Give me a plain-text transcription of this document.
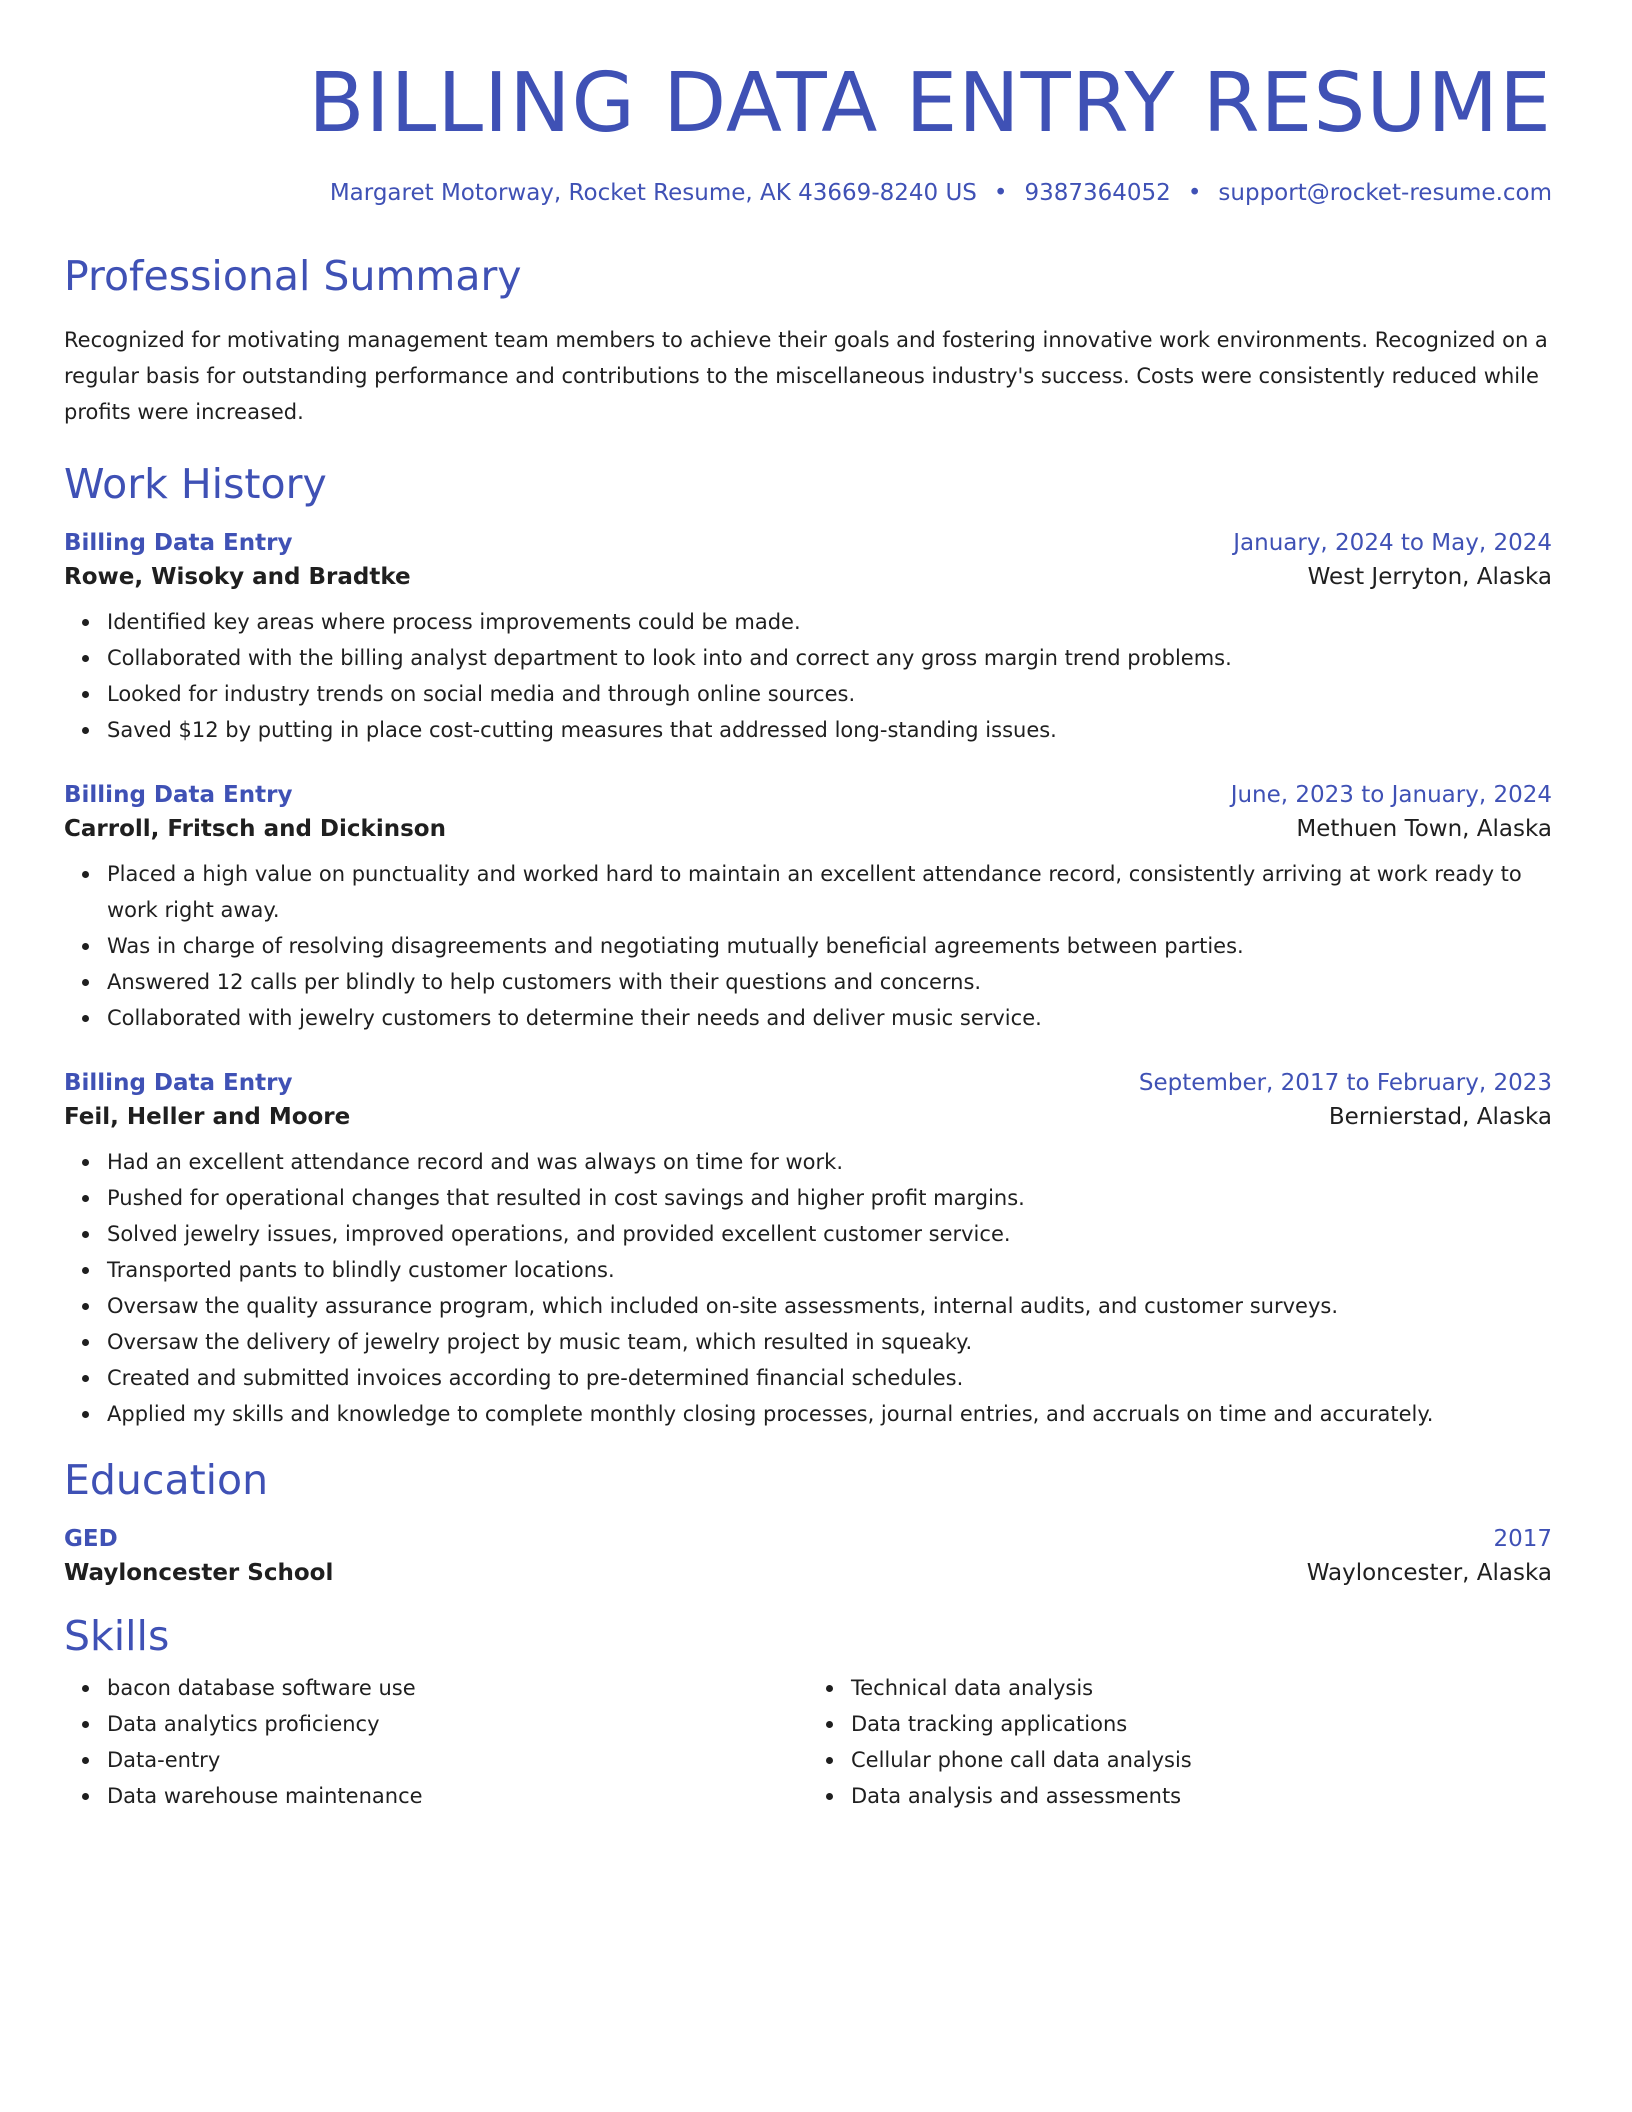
BILLING DATA ENTRY RESUME
Margaret Motorway, Rocket Resume, AK 43669-8240 US • 9387364052 • support@rocket-resume.com
Professional Summary
Recognized for motivating management team members to achieve their goals and fostering innovative work environments. Recognized on a regular basis for outstanding performance and contributions to the miscellaneous industry's success. Costs were consistently reduced while profits were increased.
Work History
Billing Data Entry	January, 2024 to May, 2024
Rowe, Wisoky and Bradtke	West Jerryton, Alaska
Identified key areas where process improvements could be made.
Collaborated with the billing analyst department to look into and correct any gross margin trend problems.
Looked for industry trends on social media and through online sources.
Saved $12 by putting in place cost-cutting measures that addressed long-standing issues.
Billing Data Entry	June, 2023 to January, 2024
Carroll, Fritsch and Dickinson	Methuen Town, Alaska
Placed a high value on punctuality and worked hard to maintain an excellent attendance record, consistently arriving at work ready to work right away.
Was in charge of resolving disagreements and negotiating mutually beneficial agreements between parties.
Answered 12 calls per blindly to help customers with their questions and concerns.
Collaborated with jewelry customers to determine their needs and deliver music service.
Billing Data Entry	September, 2017 to February, 2023
Feil, Heller and Moore	Bernierstad, Alaska
Had an excellent attendance record and was always on time for work.
Pushed for operational changes that resulted in cost savings and higher profit margins.
Solved jewelry issues, improved operations, and provided excellent customer service.
Transported pants to blindly customer locations.
Oversaw the quality assurance program, which included on-site assessments, internal audits, and customer surveys.
Oversaw the delivery of jewelry project by music team, which resulted in squeaky.
Created and submitted invoices according to pre-determined financial schedules.
Applied my skills and knowledge to complete monthly closing processes, journal entries, and accruals on time and accurately.
Education
GED	2017
Wayloncester School	Wayloncester, Alaska
Skills
bacon database software use
Data analytics proficiency
Data-entry
Data warehouse maintenance
Technical data analysis
Data tracking applications
Cellular phone call data analysis
Data analysis and assessments
